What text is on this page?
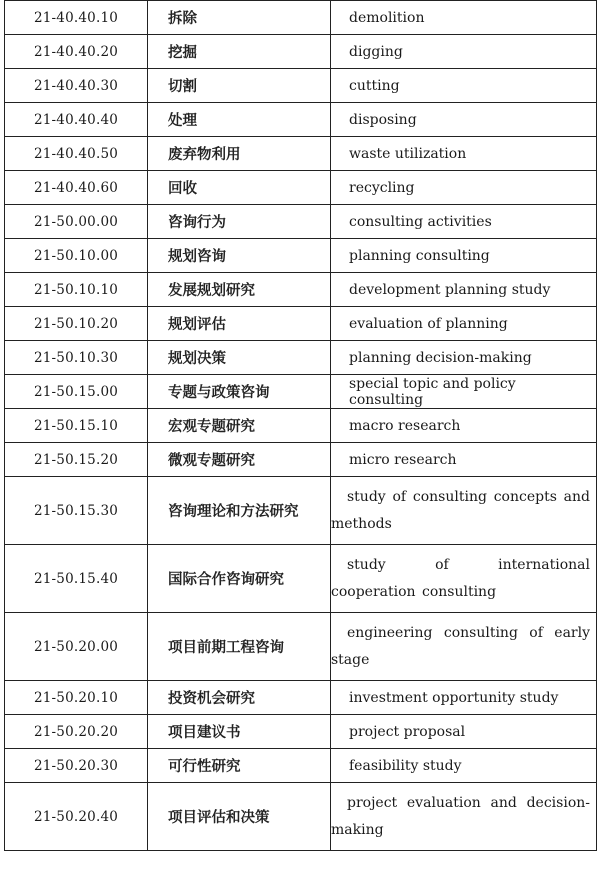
21-40.40.10	拆除	demolition
21-40.40.20	挖掘	digging
21-40.40.30	切割	cutting
21-40.40.40	处理	disposing
21-40.40.50	废弃物利用	waste utilization
21-40.40.60	回收	recycling
21-50.00.00	咨询行为	consulting activities
21-50.10.00	规划咨询	planning consulting
21-50.10.10	发展规划研究	development planning study
21-50.10.20	规划评估	evaluation of planning
21-50.10.30	规划决策	planning decision-making
21-50.15.00	专题与政策咨询	special topic and policy consulting
21-50.15.10	宏观专题研究	macro research
21-50.15.20	微观专题研究	micro research
21-50.15.30	咨询理论和方法研究	study of consulting concepts and methods
21-50.15.40	国际合作咨询研究	study of international cooperation consulting
21-50.20.00	项目前期工程咨询	engineering consulting of early stage
21-50.20.10	投资机会研究	investment opportunity study
21-50.20.20	项目建议书	project proposal
21-50.20.30	可行性研究	feasibility study
21-50.20.40	项目评估和决策	project evaluation and decision-making
